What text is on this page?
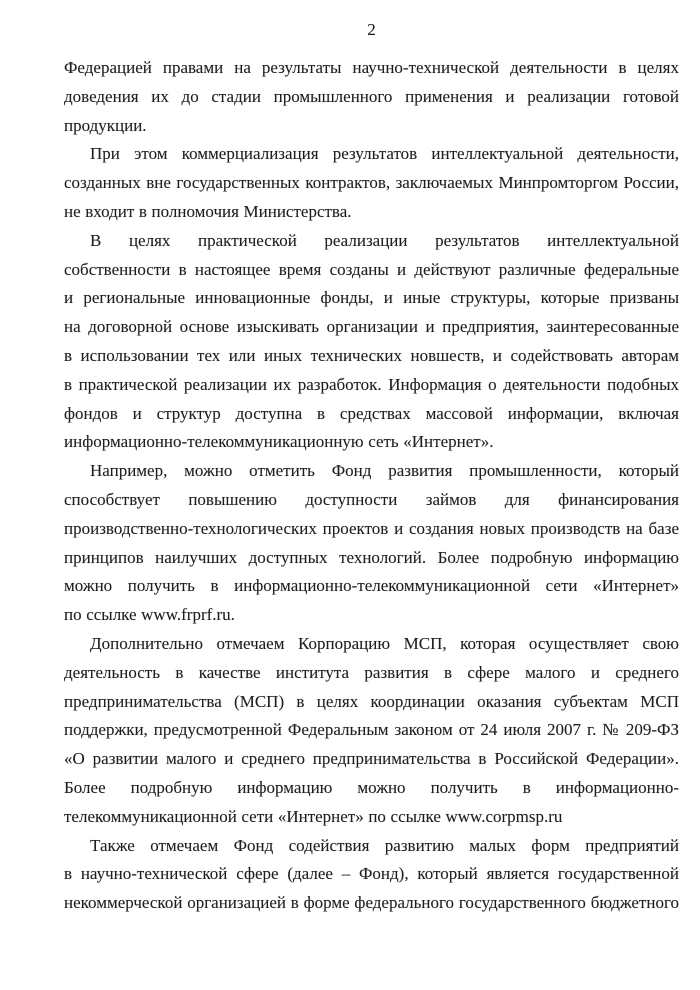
2
Федерацией правами на результаты научно-технической деятельности в целях
доведения их до стадии промышленного применения и реализации готовой
продукции.
При этом коммерциализация результатов интеллектуальной деятельности,
созданных вне государственных контрактов, заключаемых Минпромторгом России,
не входит в полномочия Министерства.
В целях практической реализации результатов интеллектуальной
собственности в настоящее время созданы и действуют различные федеральные
и региональные инновационные фонды, и иные структуры, которые призваны
на договорной основе изыскивать организации и предприятия, заинтересованные
в использовании тех или иных технических новшеств, и содействовать авторам
в практической реализации их разработок. Информация о деятельности подобных
фондов и структур доступна в средствах массовой информации, включая
информационно-телекоммуникационную сеть «Интернет».
Например, можно отметить Фонд развития промышленности, который
способствует повышению доступности займов для финансирования
производственно-технологических проектов и создания новых производств на базе
принципов наилучших доступных технологий. Более подробную информацию
можно получить в информационно-телекоммуникационной сети «Интернет»
по ссылке www.frprf.ru.
Дополнительно отмечаем Корпорацию МСП, которая осуществляет свою
деятельность в качестве института развития в сфере малого и среднего
предпринимательства (МСП) в целях координации оказания субъектам МСП
поддержки, предусмотренной Федеральным законом от 24 июля 2007 г. № 209-ФЗ
«О развитии малого и среднего предпринимательства в Российской Федерации».
Более подробную информацию можно получить в информационно-
телекоммуникационной сети «Интернет» по ссылке www.corpmsp.ru
Также отмечаем Фонд содействия развитию малых форм предприятий
в научно-технической сфере (далее – Фонд), который является государственной
некоммерческой организацией в форме федерального государственного бюджетного
